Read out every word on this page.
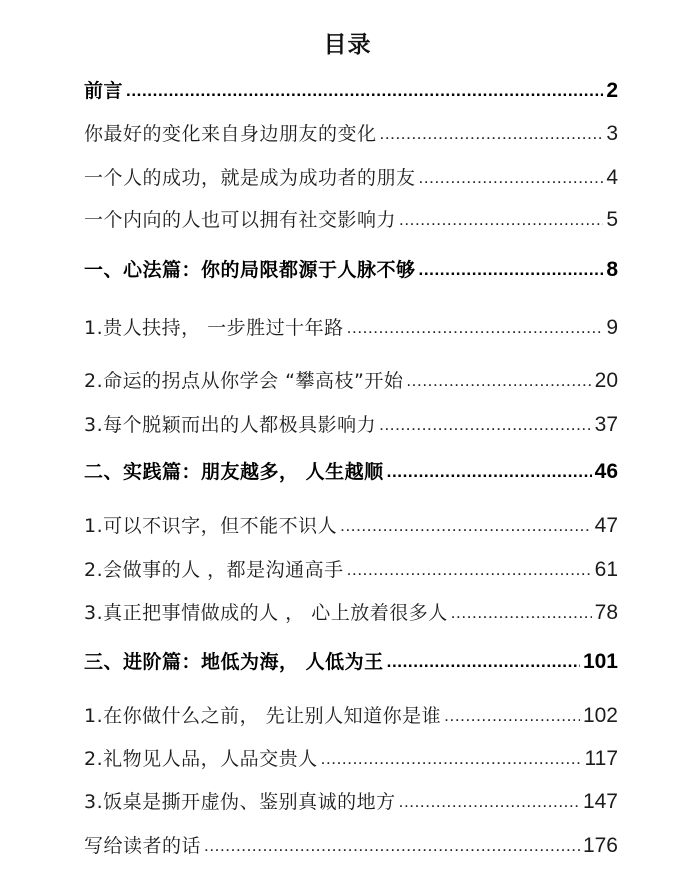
目录
前言 .....	2
你最好的变化来自身边朋友的变化 .....	3
一个人的成功，就是成为成功者的朋友 .....	4
一个内向的人也可以拥有社交影响力 .....	5
一、心法篇：你的局限都源于人脉不够 .....	8
1.贵人扶持， 一步胜过十年路 .....	9
2.命运的拐点从你学会 “攀高枝”开始 .....	20
3.每个脱颖而出的人都极具影响力 .....	37
二、实践篇：朋友越多， 人生越顺 .....	46
1.可以不识字，但不能不识人 .....	47
2.会做事的人 ，都是沟通高手 .....	61
3.真正把事情做成的人 ， 心上放着很多人 .....	78
三、进阶篇：地低为海， 人低为王 .....	101
1.在你做什么之前， 先让别人知道你是谁 .....	102
2.礼物见人品，人品交贵人 .....	117
3.饭桌是撕开虚伪、鉴别真诚的地方 .....	147
写给读者的话 .....	176
